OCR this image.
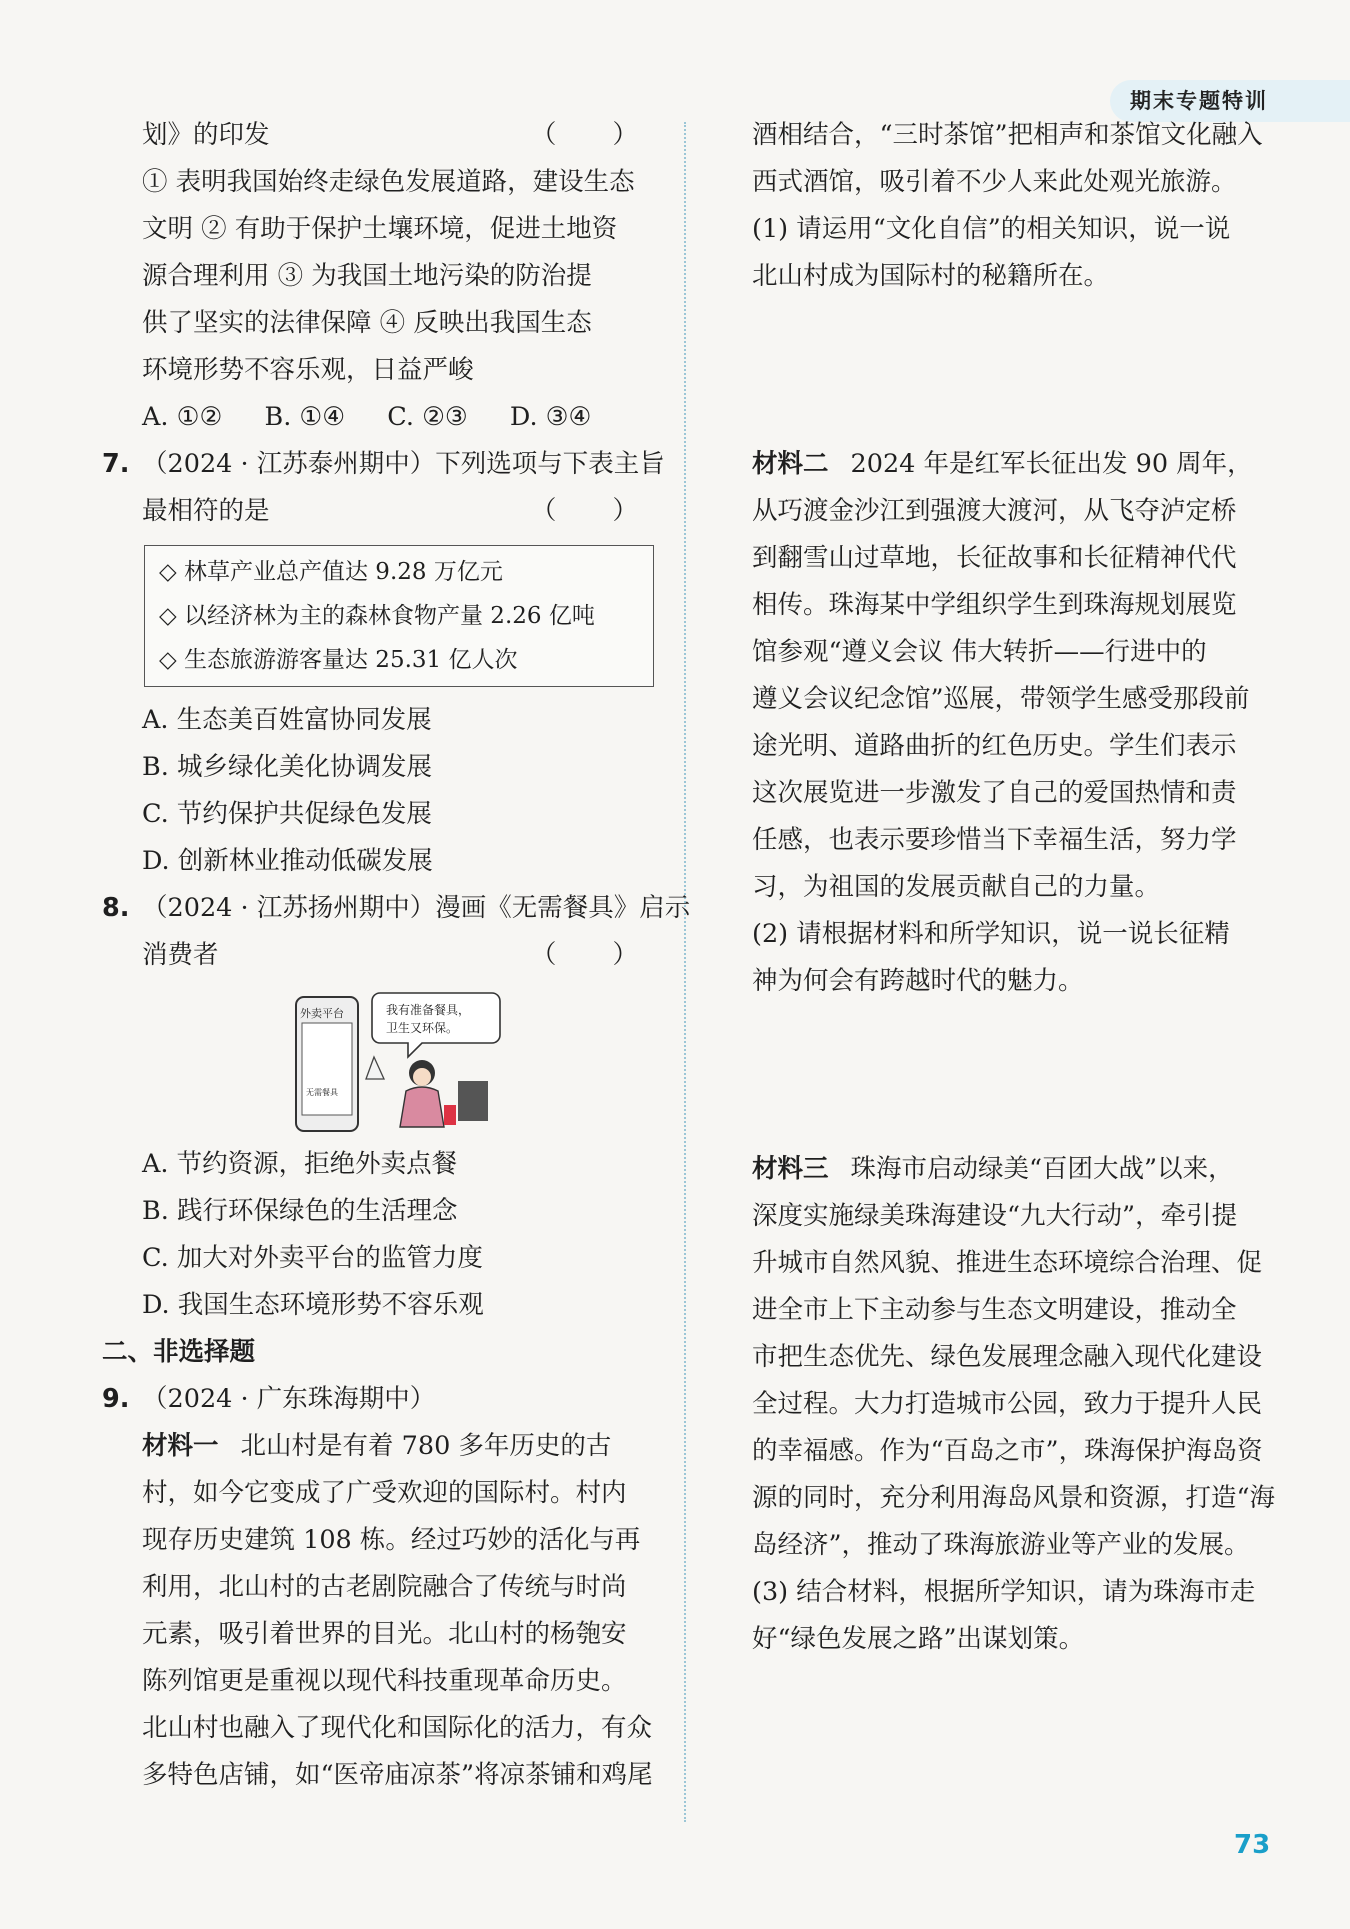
期末专题特训
划》的印发	（ ）
① 表明我国始终走绿色发展道路，建设生态
文明 ② 有助于保护土壤环境，促进土地资
源合理利用 ③ 为我国土地污染的防治提
供了坚实的法律保障 ④ 反映出我国生态
环境形势不容乐观，日益严峻
A. ①② B. ①④ C. ②③ D. ③④
7. （2024 · 江苏泰州期中）下列选项与下表主旨
最相符的是	（ ）
◇ 林草产业总产值达 9.28 万亿元
◇ 以经济林为主的森林食物产量 2.26 亿吨
◇ 生态旅游游客量达 25.31 亿人次
A. 生态美百姓富协同发展
B. 城乡绿化美化协调发展
C. 节约保护共促绿色发展
D. 创新林业推动低碳发展
8. （2024 · 江苏扬州期中）漫画《无需餐具》启示
消费者	（ ）
外卖平台
无需餐具
我有准备餐具，
卫生又环保。
A. 节约资源，拒绝外卖点餐
B. 践行环保绿色的生活理念
C. 加大对外卖平台的监管力度
D. 我国生态环境形势不容乐观
二、非选择题
9. （2024 · 广东珠海期中）
材料一 北山村是有着 780 多年历史的古
村，如今它变成了广受欢迎的国际村。村内
现存历史建筑 108 栋。经过巧妙的活化与再
利用，北山村的古老剧院融合了传统与时尚
元素，吸引着世界的目光。北山村的杨匏安
陈列馆更是重视以现代科技重现革命历史。
北山村也融入了现代化和国际化的活力，有众
多特色店铺，如“医帝庙凉茶”将凉茶铺和鸡尾
酒相结合，“三时茶馆”把相声和茶馆文化融入
西式酒馆，吸引着不少人来此处观光旅游。
(1) 请运用“文化自信”的相关知识，说一说
北山村成为国际村的秘籍所在。
材料二 2024 年是红军长征出发 90 周年，
从巧渡金沙江到强渡大渡河，从飞夺泸定桥
到翻雪山过草地，长征故事和长征精神代代
相传。珠海某中学组织学生到珠海规划展览
馆参观“遵义会议 伟大转折——行进中的
遵义会议纪念馆”巡展，带领学生感受那段前
途光明、道路曲折的红色历史。学生们表示
这次展览进一步激发了自己的爱国热情和责
任感，也表示要珍惜当下幸福生活，努力学
习，为祖国的发展贡献自己的力量。
(2) 请根据材料和所学知识，说一说长征精
神为何会有跨越时代的魅力。
材料三 珠海市启动绿美“百团大战”以来，
深度实施绿美珠海建设“九大行动”，牵引提
升城市自然风貌、推进生态环境综合治理、促
进全市上下主动参与生态文明建设，推动全
市把生态优先、绿色发展理念融入现代化建设
全过程。大力打造城市公园，致力于提升人民
的幸福感。作为“百岛之市”，珠海保护海岛资
源的同时，充分利用海岛风景和资源，打造“海
岛经济”，推动了珠海旅游业等产业的发展。
(3) 结合材料，根据所学知识，请为珠海市走
好“绿色发展之路”出谋划策。
73
